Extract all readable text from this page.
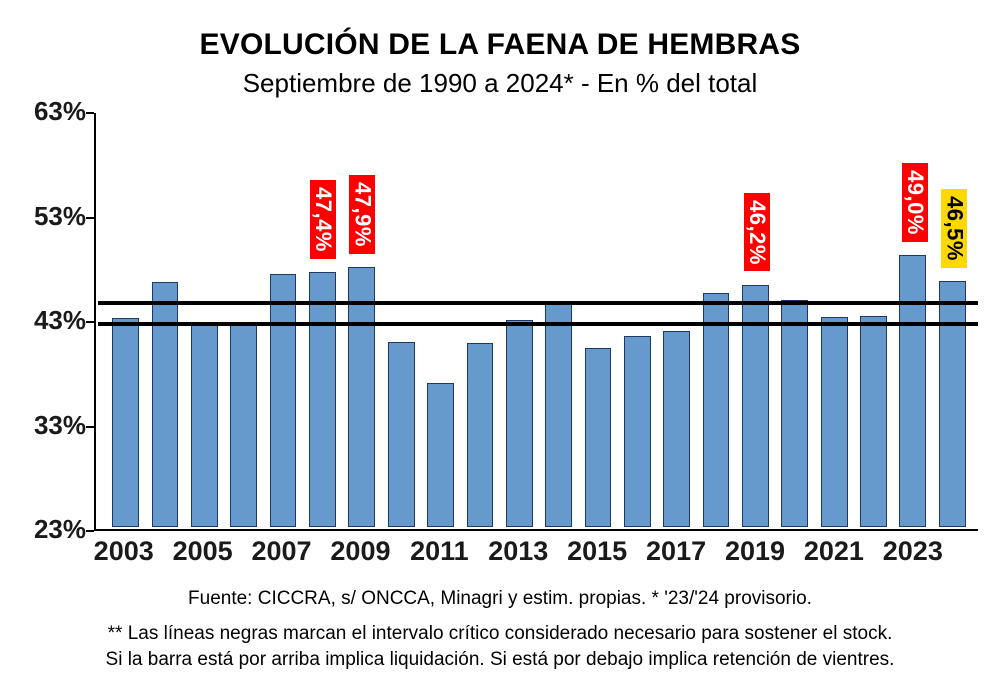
EVOLUCIÓN DE LA FAENA DE HEMBRAS
Septiembre de 1990 a 2024* - En % del total
47,4% 47,9%	46,2%	49,0% 46,5%
23%
33%
43%
53%
63%
2003 2005 2007 2009 2011 2013 2015 2017 2019 2021 2023
Fuente: CICCRA, s/ ONCCA, Minagri y estim. propias. * '23/'24 provisorio.
** Las líneas negras marcan el intervalo crítico considerado necesario para sostener el stock.
Si la barra está por arriba implica liquidación. Si está por debajo implica retención de vientres.
